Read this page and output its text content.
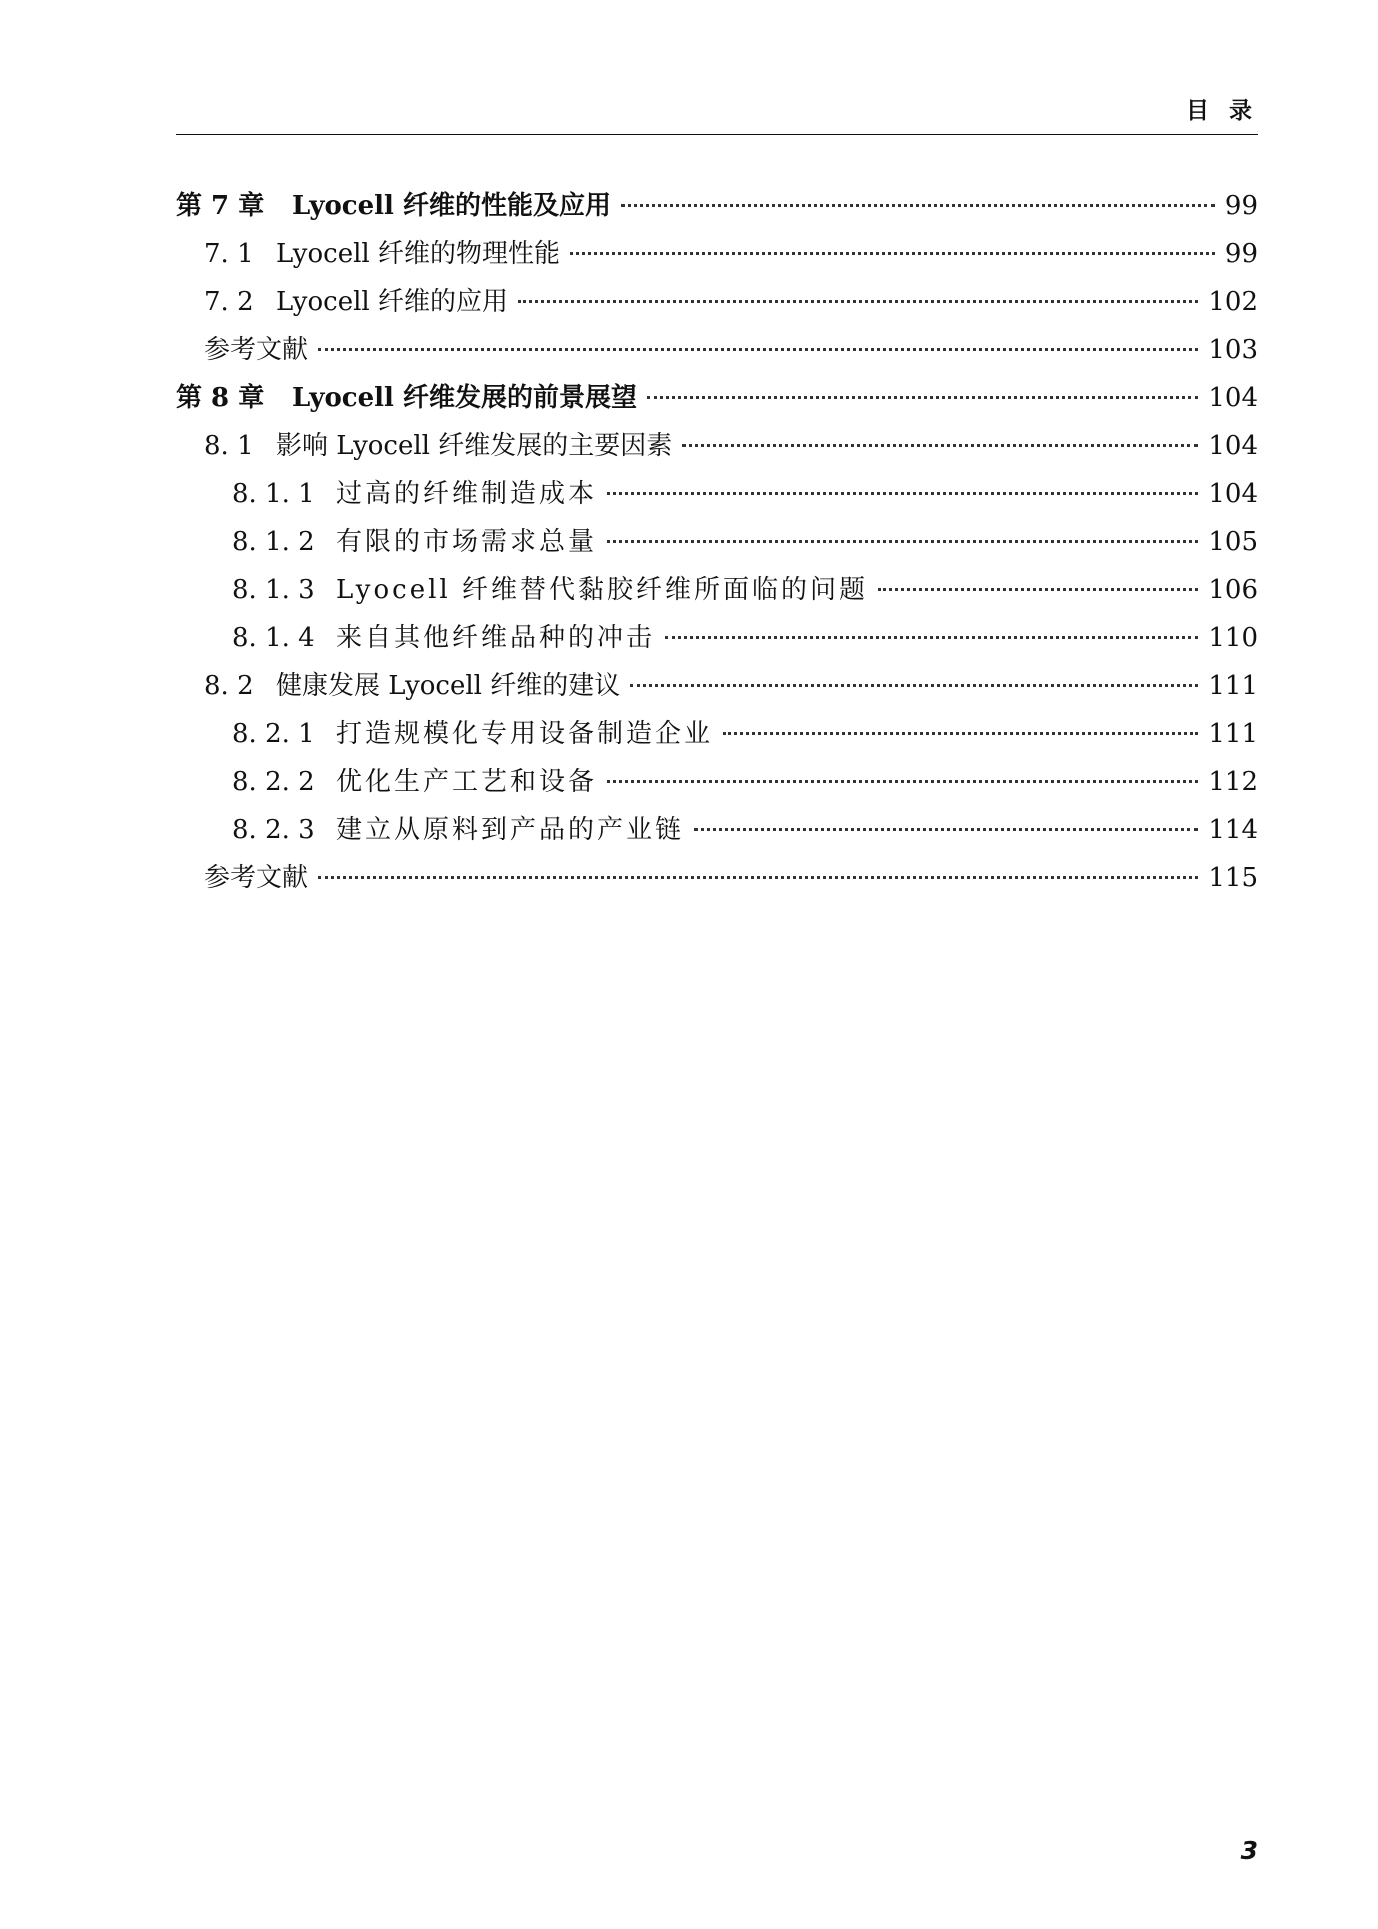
目录
第 7 章	Lyocell 纤维的性能及应用	99
7. 1 Lyocell 纤维的物理性能	99
7. 2 Lyocell 纤维的应用	102
参考文献	103
第 8 章	Lyocell 纤维发展的前景展望	104
8. 1 影响 Lyocell 纤维发展的主要因素	104
8. 1. 1 过高的纤维制造成本	104
8. 1. 2 有限的市场需求总量	105
8. 1. 3 Lyocell 纤维替代黏胶纤维所面临的问题	106
8. 1. 4 来自其他纤维品种的冲击	110
8. 2 健康发展 Lyocell 纤维的建议	111
8. 2. 1 打造规模化专用设备制造企业	111
8. 2. 2 优化生产工艺和设备	112
8. 2. 3 建立从原料到产品的产业链	114
参考文献	115
3
